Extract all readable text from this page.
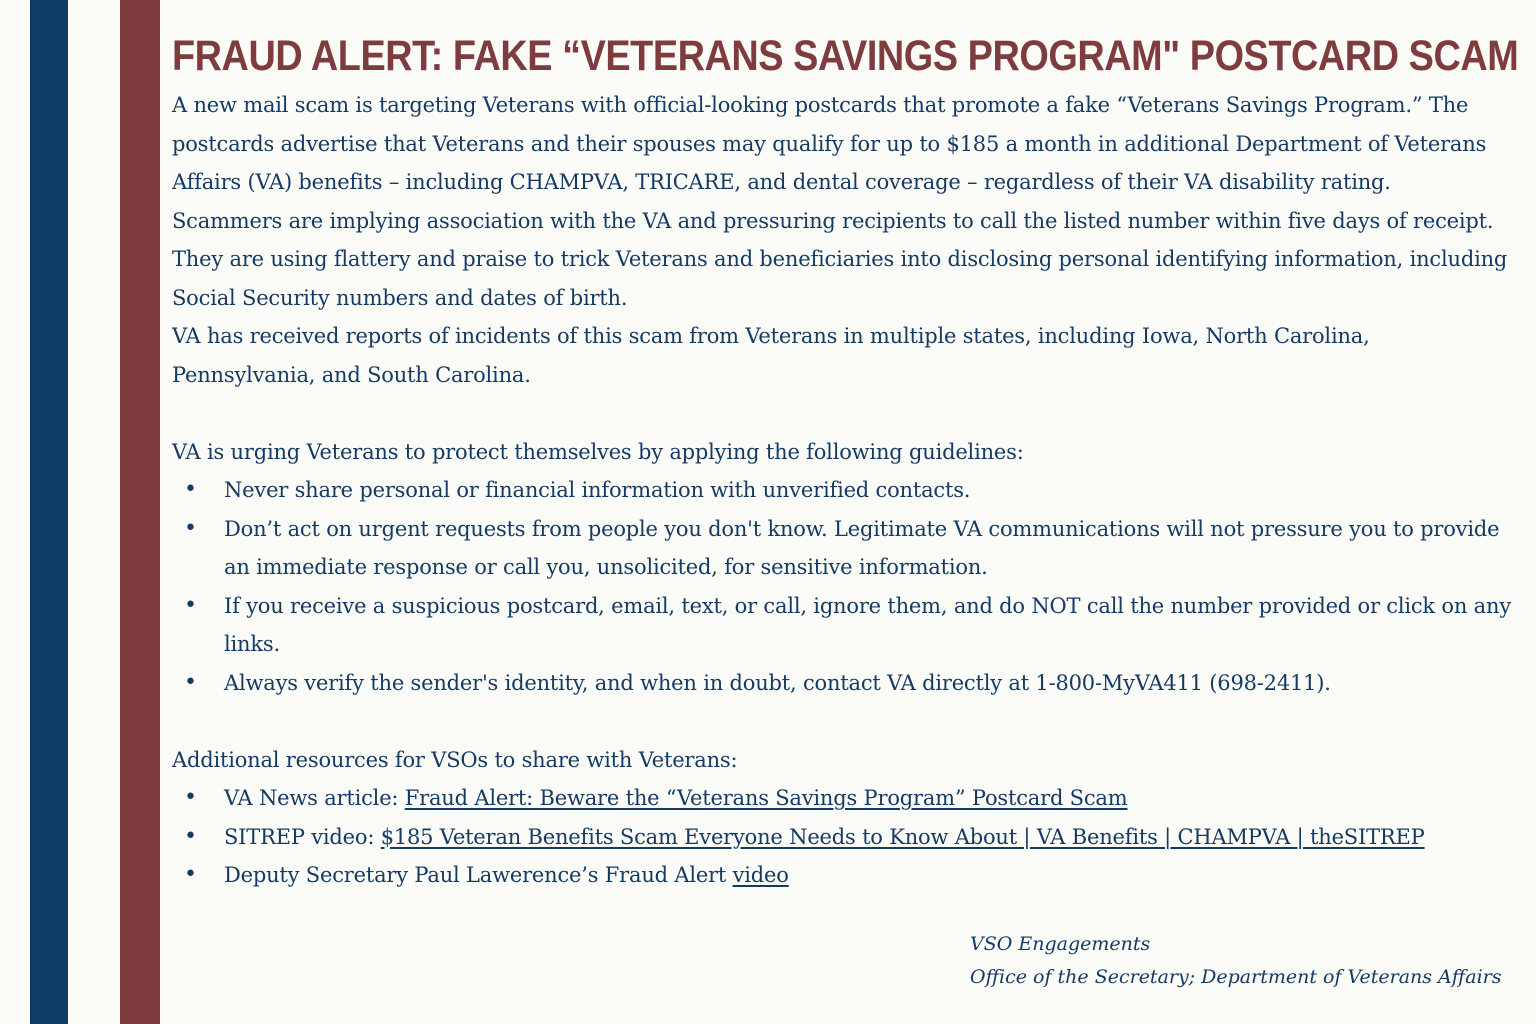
FRAUD ALERT: FAKE “VETERANS SAVINGS PROGRAM" POSTCARD SCAM

A new mail scam is targeting Veterans with official-looking postcards that promote a fake “Veterans Savings Program.” The postcards advertise that Veterans and their spouses may qualify for up to $185 a month in additional Department of Veterans Affairs (VA) benefits – including CHAMPVA, TRICARE, and dental coverage – regardless of their VA disability rating.

Scammers are implying association with the VA and pressuring recipients to call the listed number within five days of receipt. They are using flattery and praise to trick Veterans and beneficiaries into disclosing personal identifying information, including Social Security numbers and dates of birth.

VA has received reports of incidents of this scam from Veterans in multiple states, including Iowa, North Carolina, Pennsylvania, and South Carolina.

VA is urging Veterans to protect themselves by applying the following guidelines:

• Never share personal or financial information with unverified contacts.
• Don’t act on urgent requests from people you don't know. Legitimate VA communications will not pressure you to provide an immediate response or call you, unsolicited, for sensitive information.
• If you receive a suspicious postcard, email, text, or call, ignore them, and do NOT call the number provided or click on any links.
• Always verify the sender's identity, and when in doubt, contact VA directly at 1-800-MyVA411 (698-2411).

Additional resources for VSOs to share with Veterans:

• VA News article: Fraud Alert: Beware the “Veterans Savings Program” Postcard Scam
• SITREP video: $185 Veteran Benefits Scam Everyone Needs to Know About | VA Benefits | CHAMPVA | theSITREP
• Deputy Secretary Paul Lawerence’s Fraud Alert video
VSO Engagements
Office of the Secretary; Department of Veterans Affairs
